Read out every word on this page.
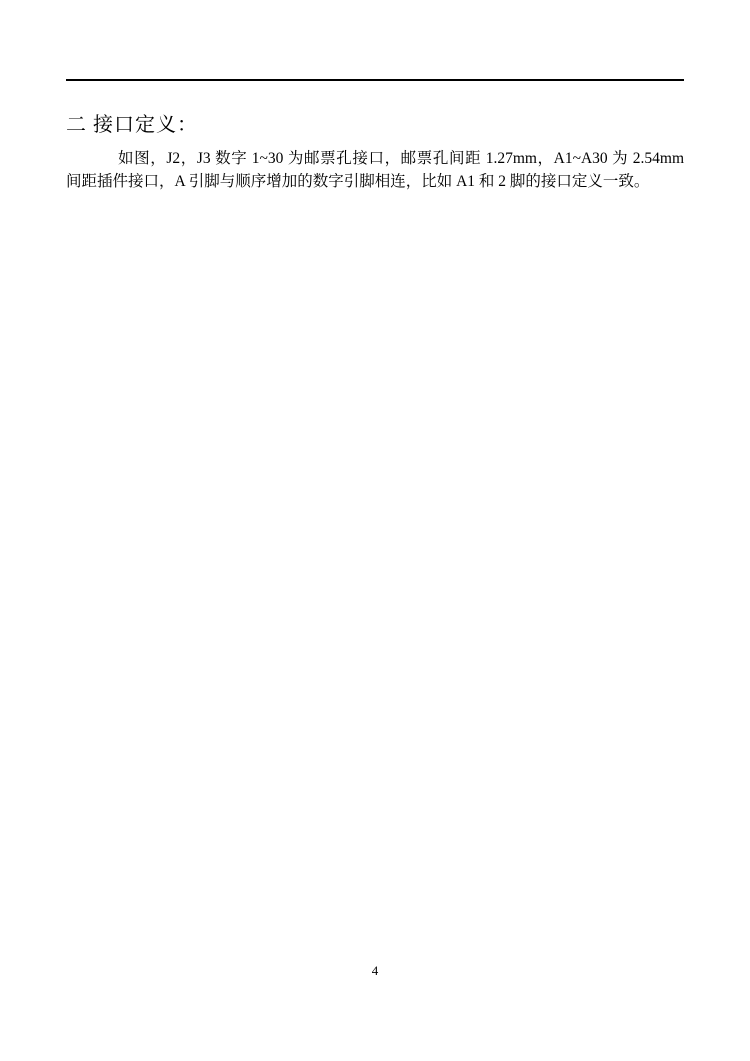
二 接口定义：
如图，J2，J3 数字 1~30 为邮票孔接口，邮票孔间距 1.27mm，A1~A30 为 2.54mm 间距插件接口，A 引脚与顺序增加的数字引脚相连，比如 A1 和 2 脚的接口定义一致。
4
